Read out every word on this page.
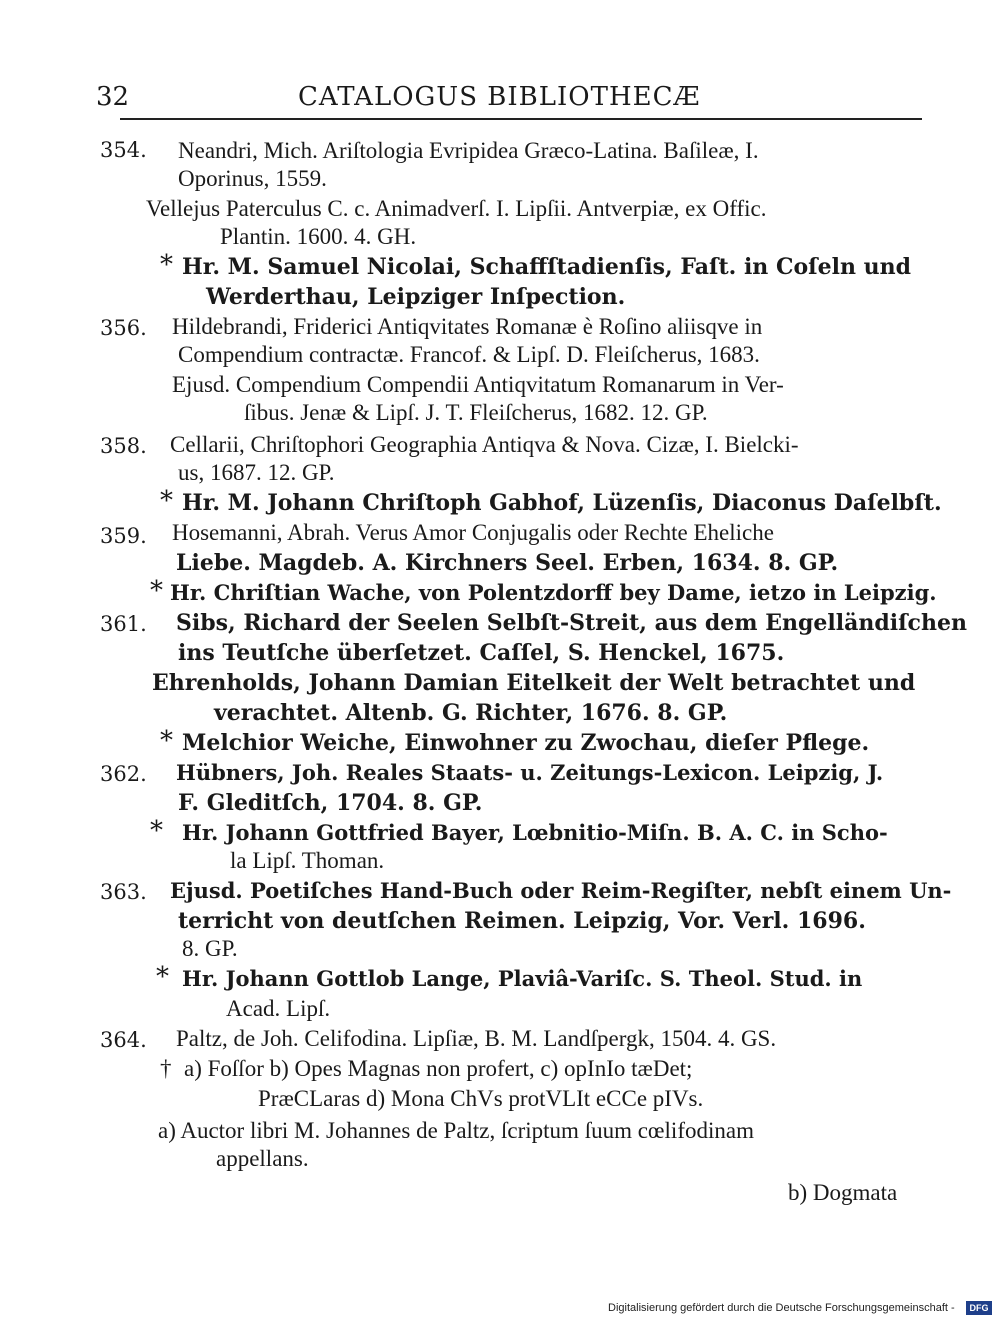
32	CATALOGUS BIBLIOTHECÆ
354. Neandri, Mich. Ariſtologia Evripidea Græco-Latina. Baſileæ, I.
Oporinus, 1559.
Vellejus Paterculus C. c. Animadverſ. I. Lipſii. Antverpiæ, ex Offic.
Plantin. 1600. 4. GH.
* Hr. M. Samuel Nicolai, Schaffſtadienſis, Faſt. in Coſeln und
Werderthau, Leipziger Inſpection.
356. Hildebrandi, Friderici Antiqvitates Romanæ è Roſino aliisqve in
Compendium contractæ. Francof. & Lipſ. D. Fleiſcherus, 1683.
Ejusd. Compendium Compendii Antiqvitatum Romanarum in Ver-
ſibus. Jenæ & Lipſ. J. T. Fleiſcherus, 1682. 12. GP.
358. Cellarii, Chriſtophori Geographia Antiqva & Nova. Cizæ, I. Bielcki-
us, 1687. 12. GP.
* Hr. M. Johann Chriſtoph Gabhof, Lüzenſis, Diaconus Daſelbſt.
359. Hosemanni, Abrah. Verus Amor Conjugalis oder Rechte Eheliche
Liebe. Magdeb. A. Kirchners Seel. Erben, 1634. 8. GP.
* Hr. Chriſtian Wache, von Polentzdorff bey Dame, ietzo in Leipzig.
361. Sibs, Richard der Seelen Selbſt-Streit, aus dem Engelländiſchen
ins Teutſche überſetzet. Caſſel, S. Henckel, 1675.
Ehrenholds, Johann Damian Eitelkeit der Welt betrachtet und
verachtet. Altenb. G. Richter, 1676. 8. GP.
* Melchior Weiche, Einwohner zu Zwochau, dieſer Pflege.
362. Hübners, Joh. Reales Staats- u. Zeitungs-Lexicon. Leipzig, J.
F. Gleditſch, 1704. 8. GP.
* Hr. Johann Gottfried Bayer, Lœbnitio-Miſn. B. A. C. in Scho-
la Lipſ. Thoman.
363. Ejusd. Poetiſches Hand-Buch oder Reim-Regiſter, nebſt einem Un-
terricht von deutſchen Reimen. Leipzig, Vor. Verl. 1696.
8. GP.
* Hr. Johann Gottlob Lange, Plaviâ-Variſc. S. Theol. Stud. in
Acad. Lipſ.
364. Paltz, de Joh. Celifodina. Lipſiæ, B. M. Landſpergk, 1504. 4. GS.
† a) Foſſor b) Opes Magnas non profert, c) opInIo tæDet;
PræCLaras d) Mona ChVs protVLIt eCCe pIVs.
a) Auctor libri M. Johannes de Paltz, ſcriptum ſuum cœlifodinam
appellans.
b) Dogmata
Digitalisierung gefördert durch die Deutsche Forschungsgemeinschaft -	DFG
